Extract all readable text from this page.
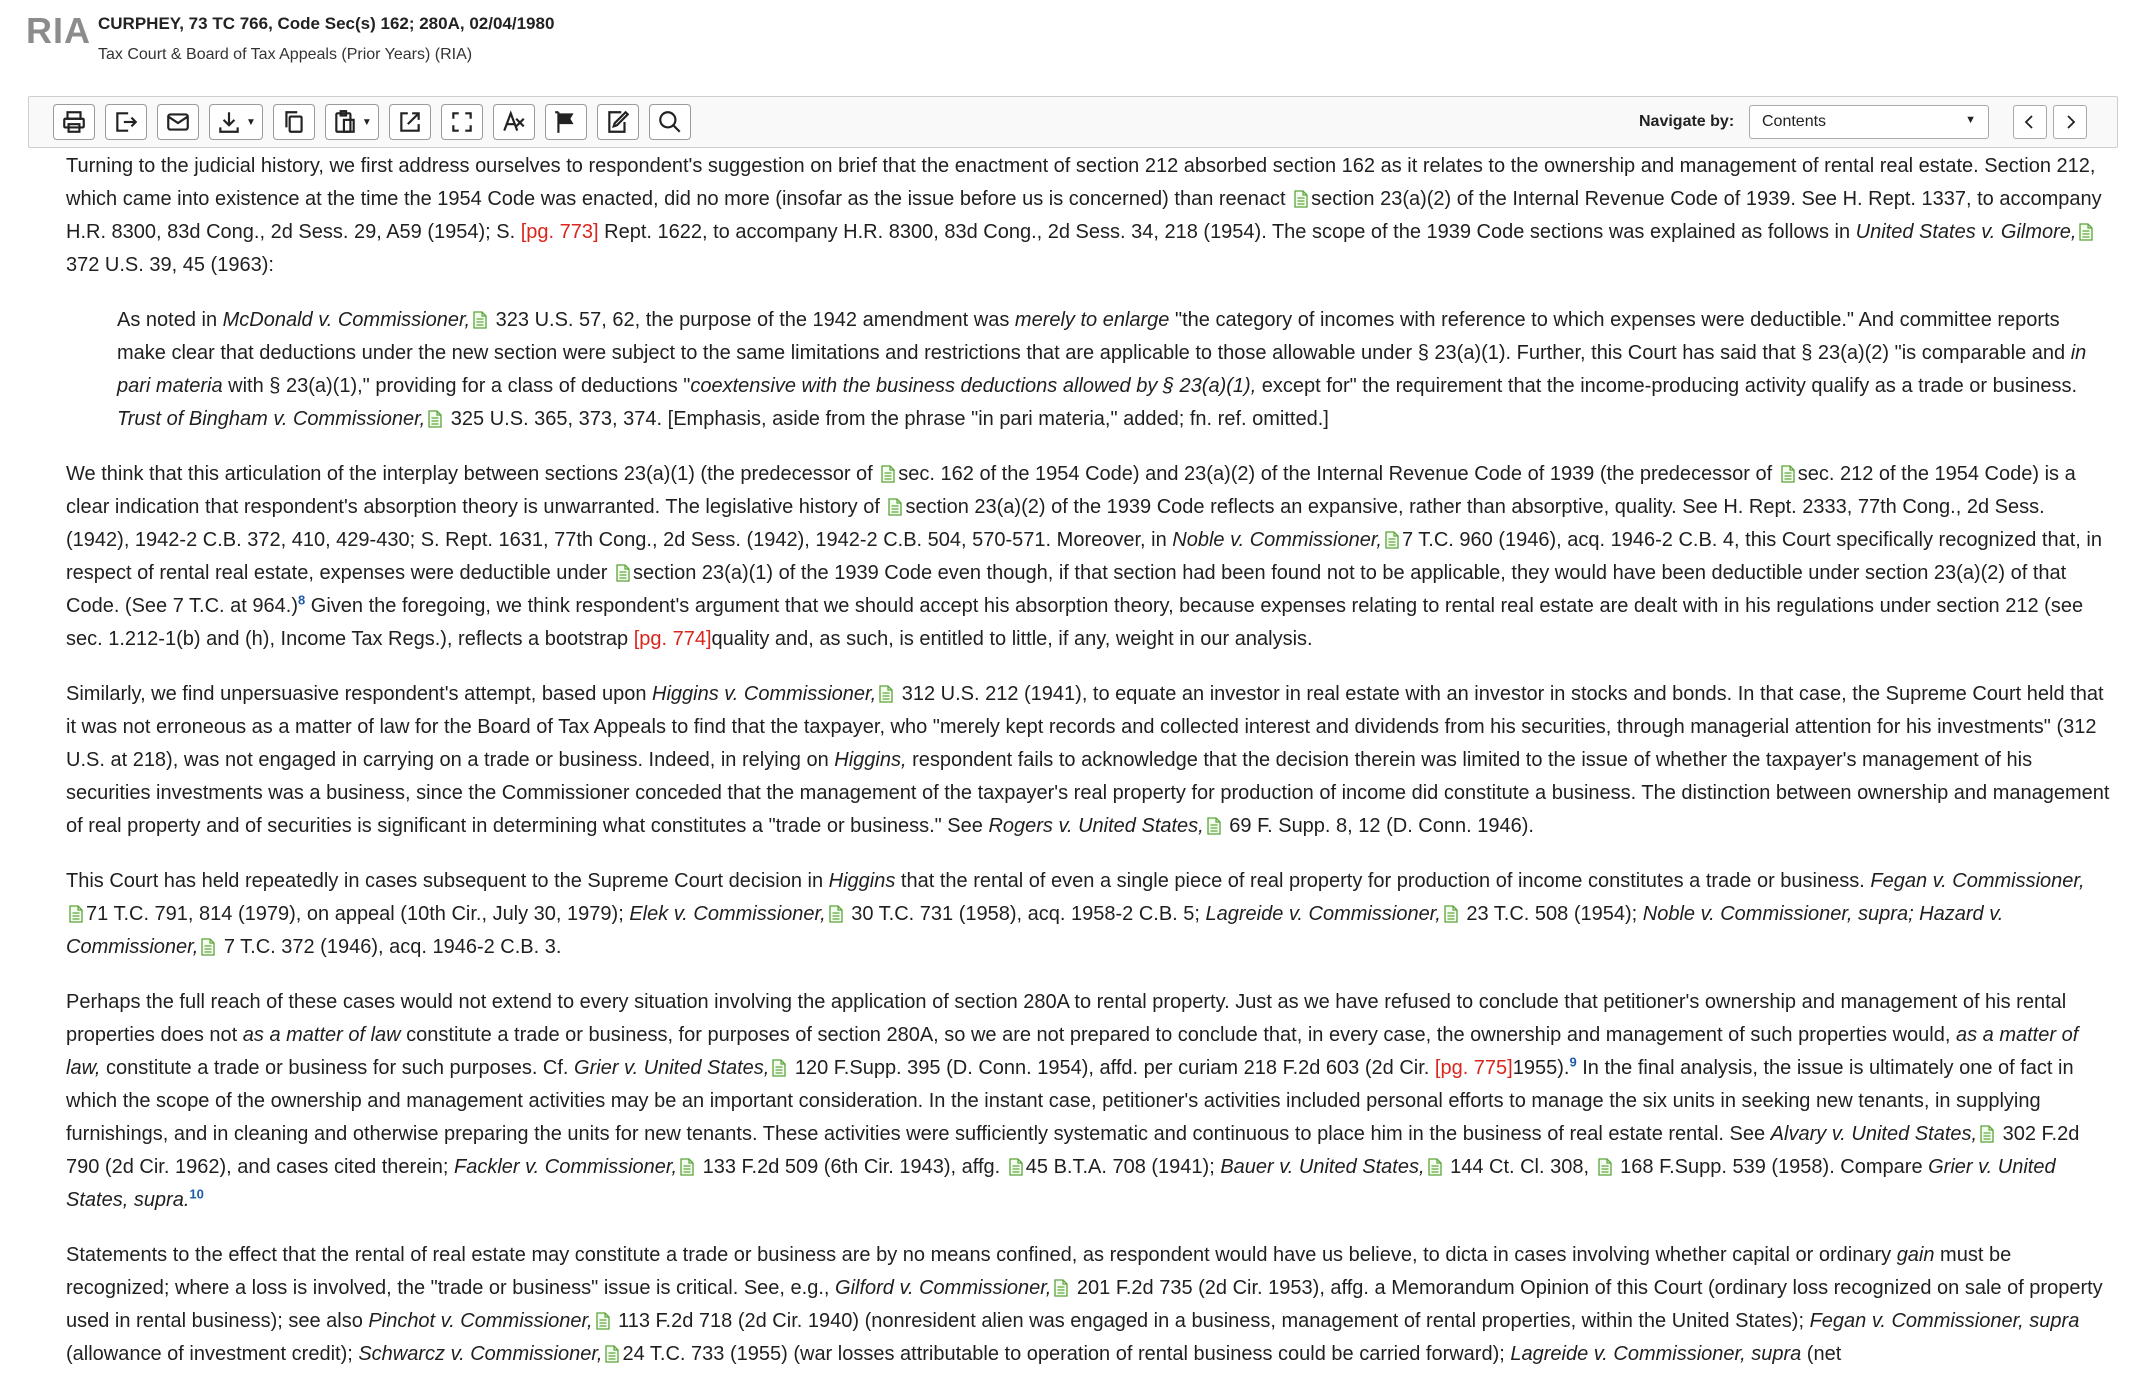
RIA CURPHEY, 73 TC 766, Code Sec(s) 162; 280A, 02/04/1980
Tax Court & Board of Tax Appeals (Prior Years) (RIA)
▼	▼	Navigate by:	Contents	▼

Turning to the judicial history, we first address ourselves to respondent's suggestion on brief that the enactment of section 212 absorbed section 162 as it relates to the ownership and management of rental real estate. Section 212, which came into existence at the time the 1954 Code was enacted, did no more (insofar as the issue before us is concerned) than reenact section 23(a)(2) of the Internal Revenue Code of 1939. See H. Rept. 1337, to accompany H.R. 8300, 83d Cong., 2d Sess. 29, A59 (1954); S. [pg. 773] Rept. 1622, to accompany H.R. 8300, 83d Cong., 2d Sess. 34, 218 (1954). The scope of the 1939 Code sections was explained as follows in United States v. Gilmore, 372 U.S. 39, 45 (1963):

As noted in McDonald v. Commissioner, 323 U.S. 57, 62, the purpose of the 1942 amendment was merely to enlarge "the category of incomes with reference to which expenses were deductible." And committee reports make clear that deductions under the new section were subject to the same limitations and restrictions that are applicable to those allowable under § 23(a)(1). Further, this Court has said that § 23(a)(2) "is comparable and in pari materia with § 23(a)(1)," providing for a class of deductions "coextensive with the business deductions allowed by § 23(a)(1), except for" the requirement that the income-producing activity qualify as a trade or business. Trust of Bingham v. Commissioner, 325 U.S. 365, 373, 374. [Emphasis, aside from the phrase "in pari materia," added; fn. ref. omitted.]

We think that this articulation of the interplay between sections 23(a)(1) (the predecessor of sec. 162 of the 1954 Code) and 23(a)(2) of the Internal Revenue Code of 1939 (the predecessor of sec. 212 of the 1954 Code) is a clear indication that respondent's absorption theory is unwarranted. The legislative history of section 23(a)(2) of the 1939 Code reflects an expansive, rather than absorptive, quality. See H. Rept. 2333, 77th Cong., 2d Sess. (1942), 1942-2 C.B. 372, 410, 429-430; S. Rept. 1631, 77th Cong., 2d Sess. (1942), 1942-2 C.B. 504, 570-571. Moreover, in Noble v. Commissioner, 7 T.C. 960 (1946), acq. 1946-2 C.B. 4, this Court specifically recognized that, in respect of rental real estate, expenses were deductible under section 23(a)(1) of the 1939 Code even though, if that section had been found not to be applicable, they would have been deductible under section 23(a)(2) of that Code. (See 7 T.C. at 964.)$^8$ Given the foregoing, we think respondent's argument that we should accept his absorption theory, because expenses relating to rental real estate are dealt with in his regulations under section 212 (see sec. 1.212-1(b) and (h), Income Tax Regs.), reflects a bootstrap [pg. 774]quality and, as such, is entitled to little, if any, weight in our analysis.

Similarly, we find unpersuasive respondent's attempt, based upon Higgins v. Commissioner, 312 U.S. 212 (1941), to equate an investor in real estate with an investor in stocks and bonds. In that case, the Supreme Court held that it was not erroneous as a matter of law for the Board of Tax Appeals to find that the taxpayer, who "merely kept records and collected interest and dividends from his securities, through managerial attention for his investments" (312 U.S. at 218), was not engaged in carrying on a trade or business. Indeed, in relying on Higgins, respondent fails to acknowledge that the decision therein was limited to the issue of whether the taxpayer's management of his securities investments was a business, since the Commissioner conceded that the management of the taxpayer's real property for production of income did constitute a business. The distinction between ownership and management of real property and of securities is significant in determining what constitutes a "trade or business." See Rogers v. United States, 69 F. Supp. 8, 12 (D. Conn. 1946).

This Court has held repeatedly in cases subsequent to the Supreme Court decision in Higgins that the rental of even a single piece of real property for production of income constitutes a trade or business. Fegan v. Commissioner,
71 T.C. 791, 814 (1979), on appeal (10th Cir., July 30, 1979); Elek v. Commissioner, 30 T.C. 731 (1958), acq. 1958-2 C.B. 5; Lagreide v. Commissioner, 23 T.C. 508 (1954); Noble v. Commissioner, supra; Hazard v. Commissioner, 7 T.C. 372 (1946), acq. 1946-2 C.B. 3.

Perhaps the full reach of these cases would not extend to every situation involving the application of section 280A to rental property. Just as we have refused to conclude that petitioner's ownership and management of his rental properties does not as a matter of law constitute a trade or business, for purposes of section 280A, so we are not prepared to conclude that, in every case, the ownership and management of such properties would, as a matter of law, constitute a trade or business for such purposes. Cf. Grier v. United States, 120 F.Supp. 395 (D. Conn. 1954), affd. per curiam 218 F.2d 603 (2d Cir. [pg. 775]1955).$^9$ In the final analysis, the issue is ultimately one of fact in which the scope of the ownership and management activities may be an important consideration. In the instant case, petitioner's activities included personal efforts to manage the six units in seeking new tenants, in supplying furnishings, and in cleaning and otherwise preparing the units for new tenants. These activities were sufficiently systematic and continuous to place him in the business of real estate rental. See Alvary v. United States, 302 F.2d 790 (2d Cir. 1962), and cases cited therein; Fackler v. Commissioner, 133 F.2d 509 (6th Cir. 1943), affg. 45 B.T.A. 708 (1941); Bauer v. United States, 144 Ct. Cl. 308,  168 F.Supp. 539 (1958). Compare Grier v. United States, supra.$^{10}$

Statements to the effect that the rental of real estate may constitute a trade or business are by no means confined, as respondent would have us believe, to dicta in cases involving whether capital or ordinary gain must be recognized; where a loss is involved, the "trade or business" issue is critical. See, e.g., Gilford v. Commissioner, 201 F.2d 735 (2d Cir. 1953), affg. a Memorandum Opinion of this Court (ordinary loss recognized on sale of property used in rental business); see also Pinchot v. Commissioner, 113 F.2d 718 (2d Cir. 1940) (nonresident alien was engaged in a business, management of rental properties, within the United States); Fegan v. Commissioner, supra (allowance of investment credit); Schwarcz v. Commissioner, 24 T.C. 733 (1955) (war losses attributable to operation of rental business could be carried forward); Lagreide v. Commissioner, supra (net
